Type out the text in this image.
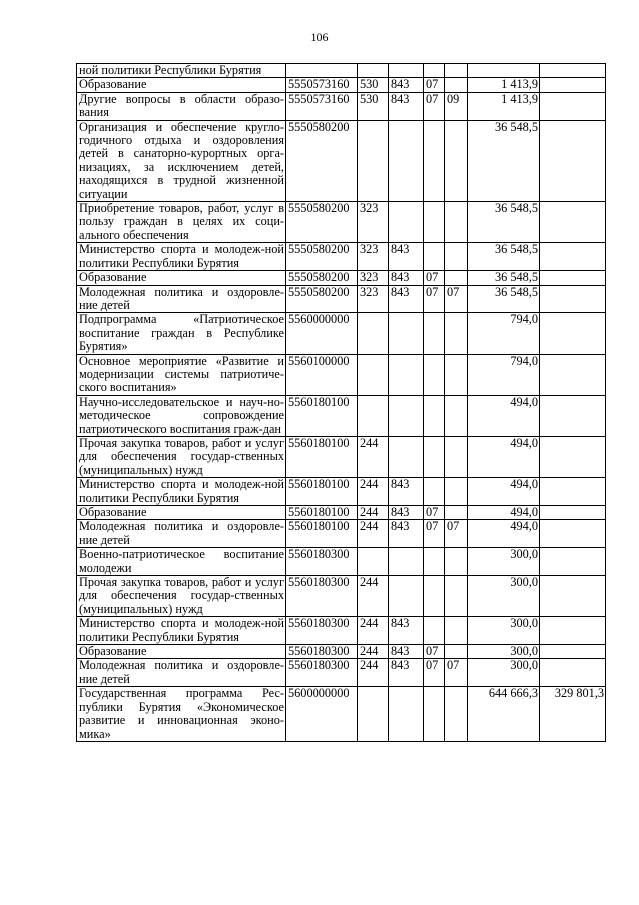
106
ной политики Республики Бурятия							
Образование	5550573160	530	843	07		1 413,9	
Другие вопросы в области образо-вания	5550573160	530	843	07	09	1 413,9	
Организация и обеспечение кругло-годичного отдыха и оздоровления детей в санаторно-курортных орга-низациях, за исключением детей, находящихся в трудной жизненной ситуации	5550580200					36 548,5	
Приобретение товаров, работ, услуг в пользу граждан в целях их соци-ального обеспечения	5550580200	323				36 548,5	
Министерство спорта и молодеж-ной политики Республики Бурятия	5550580200	323	843			36 548,5	
Образование	5550580200	323	843	07		36 548,5	
Молодежная политика и оздоровле-ние детей	5550580200	323	843	07	07	36 548,5	
Подпрограмма «Патриотическое воспитание граждан в Республике Бурятия»	5560000000					794,0	
Основное мероприятие «Развитие и модернизации системы патриотиче-ского воспитания»	5560100000					794,0	
Научно-исследовательское и науч-но-методическое сопровождение патриотического воспитания граж-дан	5560180100					494,0	
Прочая закупка товаров, работ и услуг для обеспечения государ-ственных (муниципальных) нужд	5560180100	244				494,0	
Министерство спорта и молодеж-ной политики Республики Бурятия	5560180100	244	843			494,0	
Образование	5560180100	244	843	07		494,0	
Молодежная политика и оздоровле-ние детей	5560180100	244	843	07	07	494,0	
Военно-патриотическое воспитание молодежи	5560180300					300,0	
Прочая закупка товаров, работ и услуг для обеспечения государ-ственных (муниципальных) нужд	5560180300	244				300,0	
Министерство спорта и молодеж-ной политики Республики Бурятия	5560180300	244	843			300,0	
Образование	5560180300	244	843	07		300,0	
Молодежная политика и оздоровле-ние детей	5560180300	244	843	07	07	300,0	
Государственная программа Рес-публики Бурятия «Экономическое развитие и инновационная эконо-мика»	5600000000					644 666,3	329 801,3
